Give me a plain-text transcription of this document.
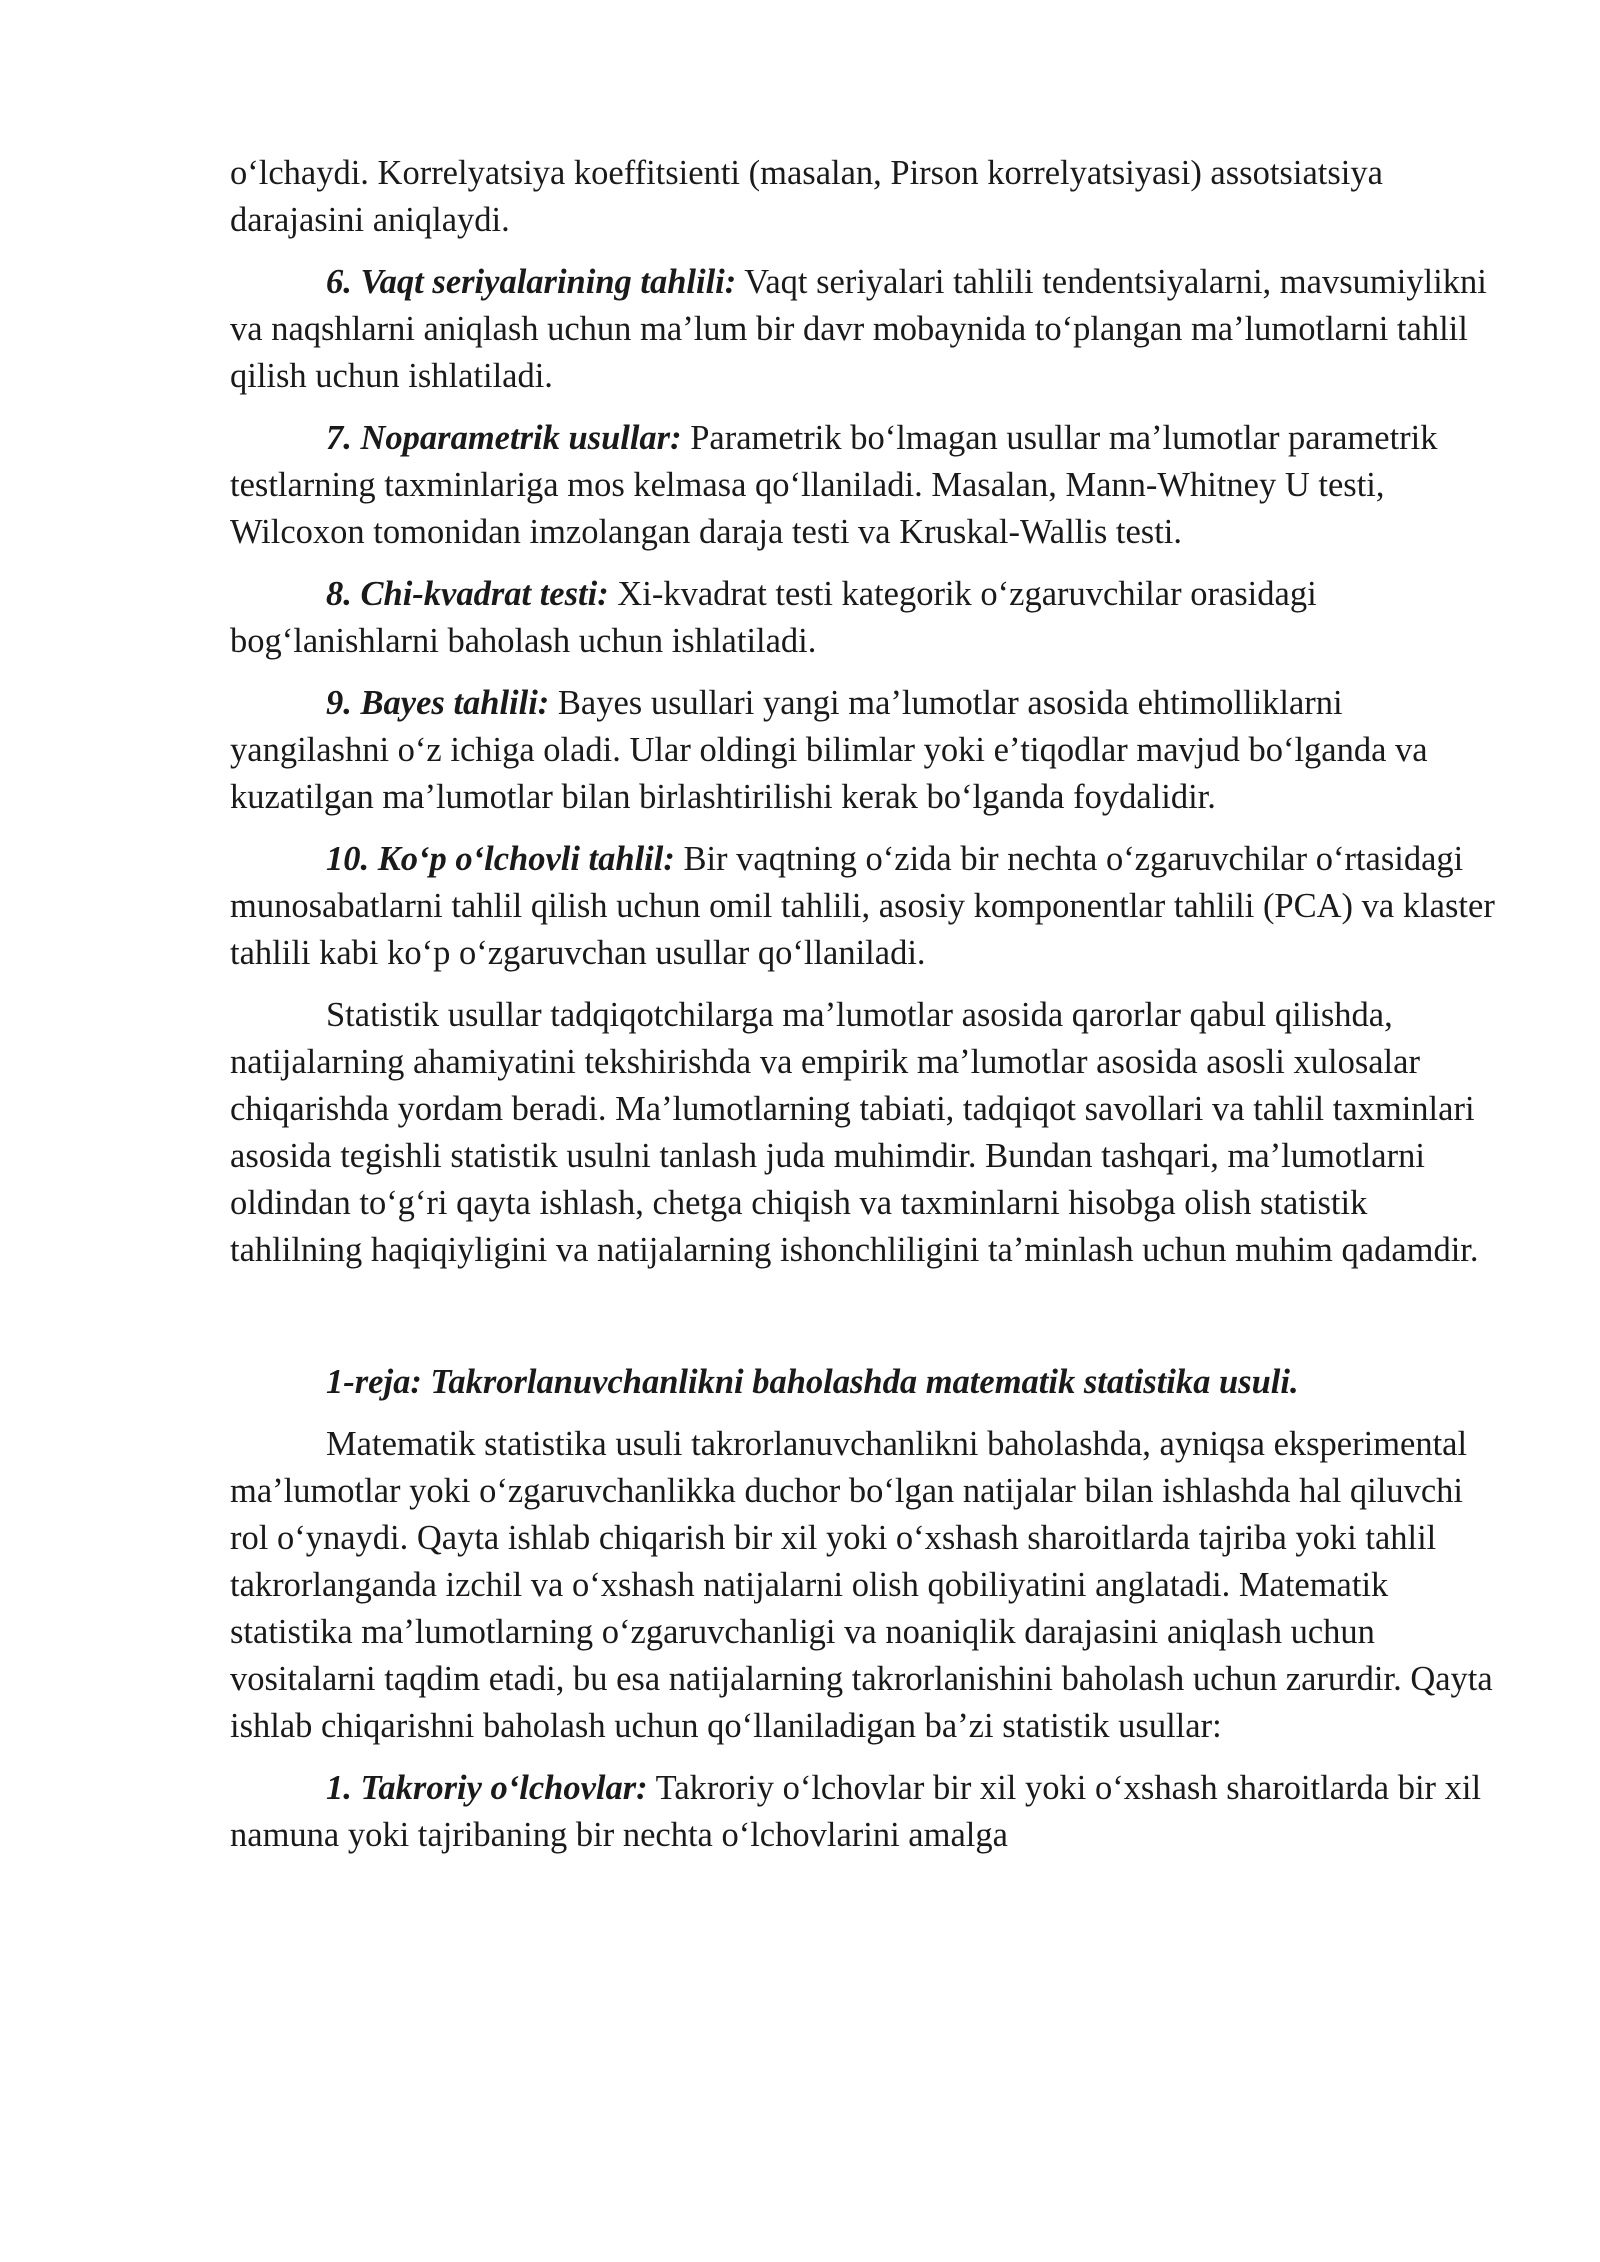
oʻlchaydi. Korrelyatsiya koeffitsienti (masalan, Pirson korrelyatsiyasi) assotsiatsiya darajasini aniqlaydi.

6. Vaqt seriyalarining tahlili: Vaqt seriyalari tahlili tendentsiyalarni, mavsumiylikni va naqshlarni aniqlash uchun maʼlum bir davr mobaynida toʻplangan maʼlumotlarni tahlil qilish uchun ishlatiladi.

7. Noparametrik usullar: Parametrik boʻlmagan usullar maʼlumotlar parametrik testlarning taxminlariga mos kelmasa qoʻllaniladi. Masalan, Mann-Whitney U testi, Wilcoxon tomonidan imzolangan daraja testi va Kruskal-Wallis testi.

8. Chi-kvadrat testi: Xi-kvadrat testi kategorik oʻzgaruvchilar orasidagi bogʻlanishlarni baholash uchun ishlatiladi.

9. Bayes tahlili: Bayes usullari yangi maʼlumotlar asosida ehtimolliklarni yangilashni oʻz ichiga oladi. Ular oldingi bilimlar yoki eʼtiqodlar mavjud boʻlganda va kuzatilgan maʼlumotlar bilan birlashtirilishi kerak boʻlganda foydalidir.

10. Koʻp oʻlchovli tahlil: Bir vaqtning oʻzida bir nechta oʻzgaruvchilar oʻrtasidagi munosabatlarni tahlil qilish uchun omil tahlili, asosiy komponentlar tahlili (PCA) va klaster tahlili kabi koʻp oʻzgaruvchan usullar qoʻllaniladi.

Statistik usullar tadqiqotchilarga maʼlumotlar asosida qarorlar qabul qilishda, natijalarning ahamiyatini tekshirishda va empirik maʼlumotlar asosida asosli xulosalar chiqarishda yordam beradi. Maʼlumotlarning tabiati, tadqiqot savollari va tahlil taxminlari asosida tegishli statistik usulni tanlash juda muhimdir. Bundan tashqari, maʼlumotlarni oldindan toʻgʻri qayta ishlash, chetga chiqish va taxminlarni hisobga olish statistik tahlilning haqiqiyligini va natijalarning ishonchliligini taʼminlash uchun muhim qadamdir.

1-reja: Takrorlanuvchanlikni baholashda matematik statistika usuli.

Matematik statistika usuli takrorlanuvchanlikni baholashda, ayniqsa eksperimental maʼlumotlar yoki oʻzgaruvchanlikka duchor boʻlgan natijalar bilan ishlashda hal qiluvchi rol oʻynaydi. Qayta ishlab chiqarish bir xil yoki oʻxshash sharoitlarda tajriba yoki tahlil takrorlanganda izchil va oʻxshash natijalarni olish qobiliyatini anglatadi. Matematik statistika maʼlumotlarning oʻzgaruvchanligi va noaniqlik darajasini aniqlash uchun vositalarni taqdim etadi, bu esa natijalarning takrorlanishini baholash uchun zarurdir. Qayta ishlab chiqarishni baholash uchun qoʻllaniladigan baʼzi statistik usullar:

1. Takroriy oʻlchovlar: Takroriy oʻlchovlar bir xil yoki oʻxshash sharoitlarda bir xil namuna yoki tajribaning bir nechta oʻlchovlarini amalga
